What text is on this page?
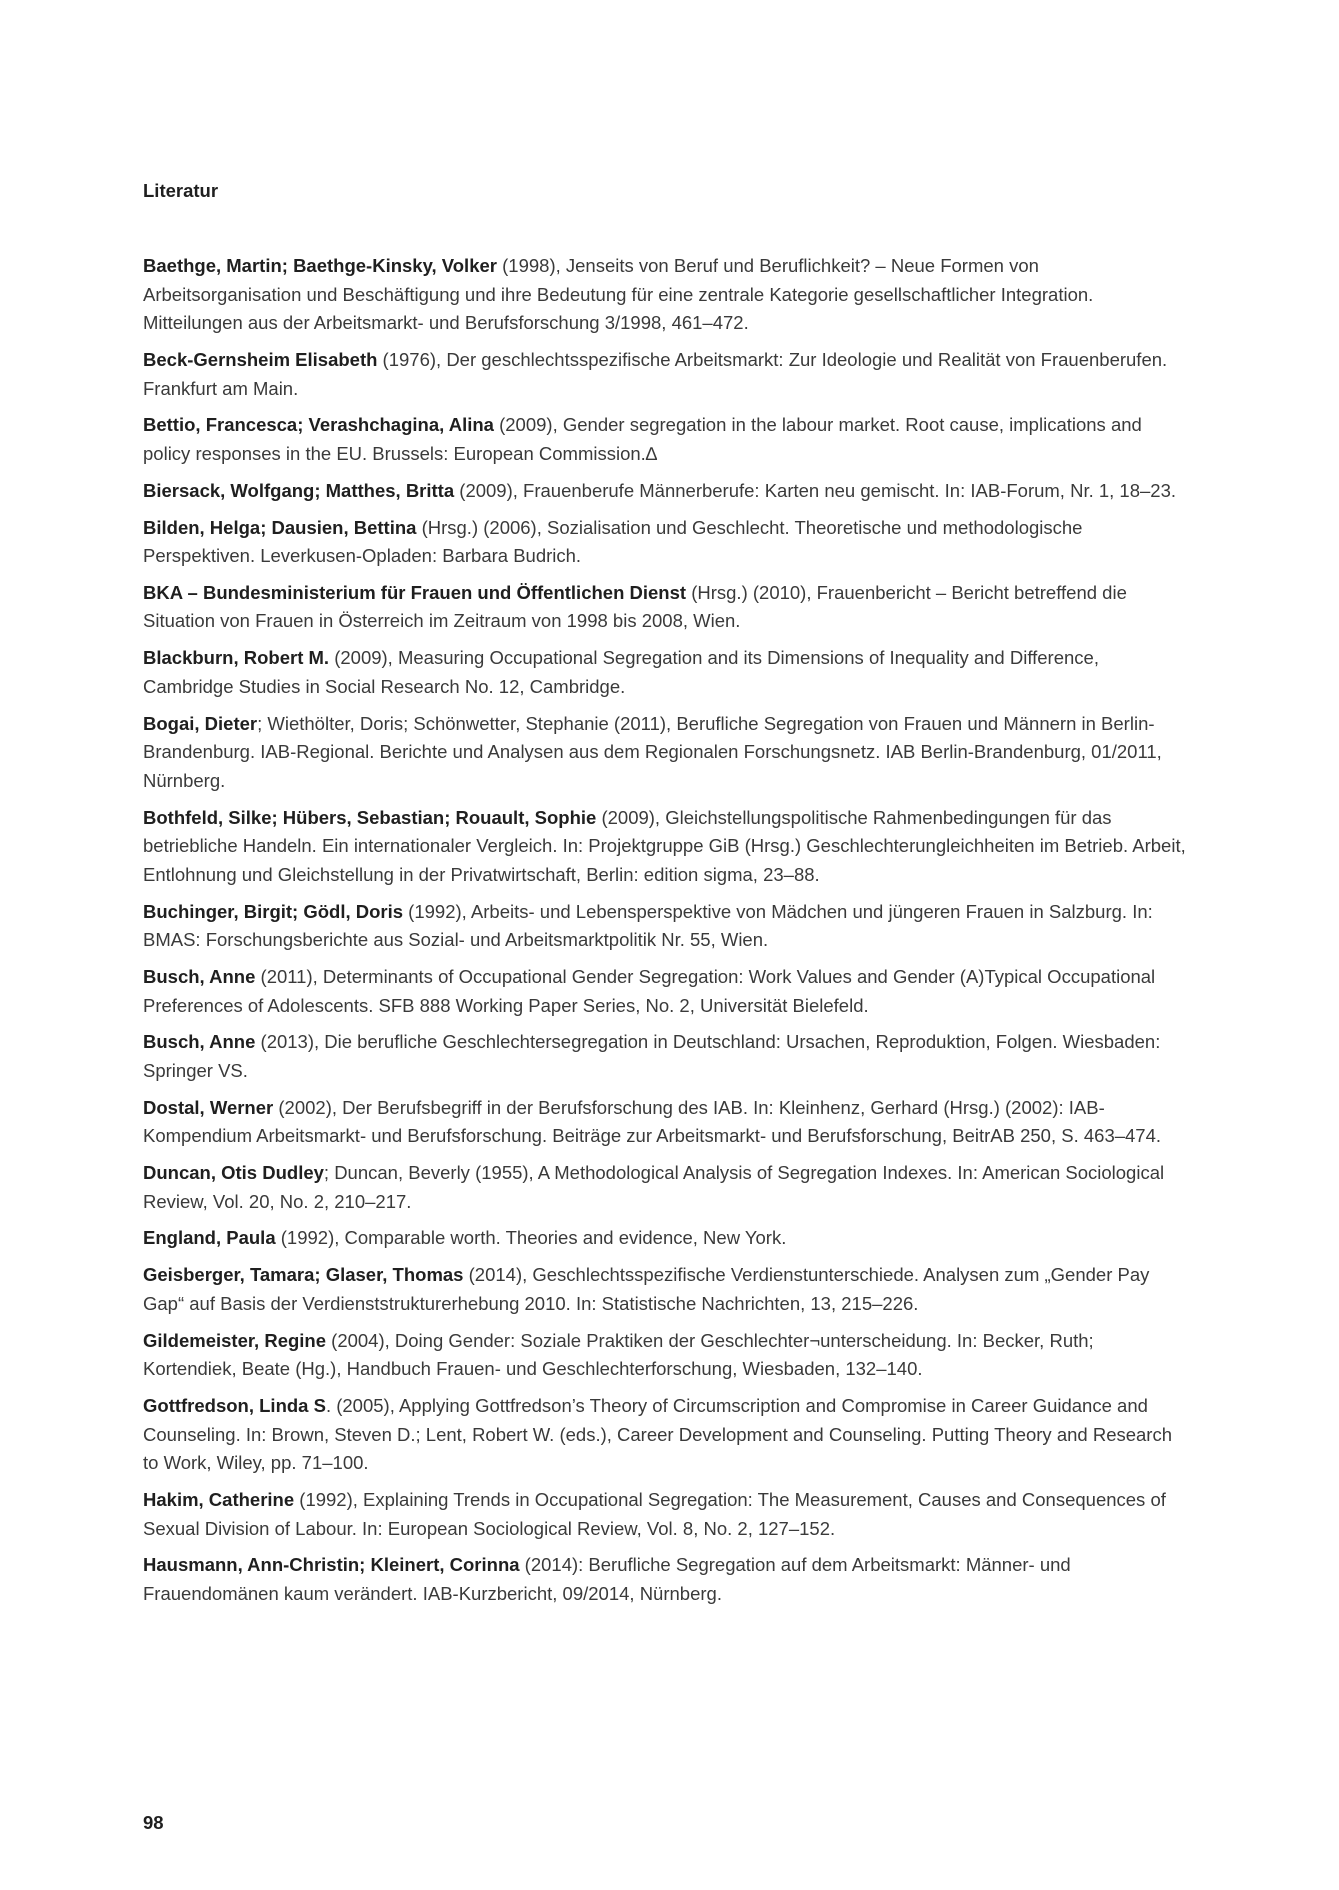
Literatur
Baethge, Martin; Baethge-Kinsky, Volker (1998), Jenseits von Beruf und Beruflichkeit? – Neue Formen von Arbeitsorganisation und Beschäftigung und ihre Bedeutung für eine zentrale Kategorie gesellschaftlicher Integration. Mitteilungen aus der Arbeitsmarkt- und Berufsforschung 3/1998, 461–472.
Beck-Gernsheim Elisabeth (1976), Der geschlechtsspezifische Arbeitsmarkt: Zur Ideologie und Realität von Frauenberufen. Frankfurt am Main.
Bettio, Francesca; Verashchagina, Alina (2009), Gender segregation in the labour market. Root cause, implications and policy responses in the EU. Brussels: European Commission.∆
Biersack, Wolfgang; Matthes, Britta (2009), Frauenberufe Männerberufe: Karten neu gemischt. In: IAB-Forum, Nr. 1, 18–23.
Bilden, Helga; Dausien, Bettina (Hrsg.) (2006), Sozialisation und Geschlecht. Theoretische und methodologische Perspektiven. Leverkusen-Opladen: Barbara Budrich.
BKA – Bundesministerium für Frauen und Öffentlichen Dienst (Hrsg.) (2010), Frauenbericht – Bericht betreffend die Situation von Frauen in Österreich im Zeitraum von 1998 bis 2008, Wien.
Blackburn, Robert M. (2009), Measuring Occupational Segregation and its Dimensions of Inequality and Difference, Cambridge Studies in Social Research No. 12, Cambridge.
Bogai, Dieter; Wiethölter, Doris; Schönwetter, Stephanie (2011), Berufliche Segregation von Frauen und Männern in Berlin-Brandenburg. IAB-Regional. Berichte und Analysen aus dem Regionalen Forschungsnetz. IAB Berlin-Brandenburg, 01/2011, Nürnberg.
Bothfeld, Silke; Hübers, Sebastian; Rouault, Sophie (2009), Gleichstellungspolitische Rahmenbedingungen für das betriebliche Handeln. Ein internationaler Vergleich. In: Projektgruppe GiB (Hrsg.) Geschlechterungleichheiten im Betrieb. Arbeit, Entlohnung und Gleichstellung in der Privatwirtschaft, Berlin: edition sigma, 23–88.
Buchinger, Birgit; Gödl, Doris (1992), Arbeits- und Lebensperspektive von Mädchen und jüngeren Frauen in Salzburg. In: BMAS: Forschungsberichte aus Sozial- und Arbeitsmarktpolitik Nr. 55, Wien.
Busch, Anne (2011), Determinants of Occupational Gender Segregation: Work Values and Gender (A)Typical Occupational Preferences of Adolescents. SFB 888 Working Paper Series, No. 2, Universität Bielefeld.
Busch, Anne (2013), Die berufliche Geschlechtersegregation in Deutschland: Ursachen, Reproduktion, Folgen. Wiesbaden: Springer VS.
Dostal, Werner (2002), Der Berufsbegriff in der Berufsforschung des IAB. In: Kleinhenz, Gerhard (Hrsg.) (2002): IAB-Kompendium Arbeitsmarkt- und Berufsforschung. Beiträge zur Arbeitsmarkt- und Berufsforschung, BeitrAB 250, S. 463–474.
Duncan, Otis Dudley; Duncan, Beverly (1955), A Methodological Analysis of Segregation Indexes. In: American Sociological Review, Vol. 20, No. 2, 210–217.
England, Paula (1992), Comparable worth. Theories and evidence, New York.
Geisberger, Tamara; Glaser, Thomas (2014), Geschlechtsspezifische Verdienstunterschiede. Analysen zum „Gender Pay Gap“ auf Basis der Verdienststrukturerhebung 2010. In: Statistische Nachrichten, 13, 215–226.
Gildemeister, Regine (2004), Doing Gender: Soziale Praktiken der Geschlechter¬unterscheidung. In: Becker, Ruth; Kortendiek, Beate (Hg.), Handbuch Frauen- und Geschlechterforschung, Wiesbaden, 132–140.
Gottfredson, Linda S. (2005), Applying Gottfredson’s Theory of Circumscription and Compromise in Career Guidance and Counseling. In: Brown, Steven D.; Lent, Robert W. (eds.), Career Development and Counseling. Putting Theory and Research to Work, Wiley, pp. 71–100.
Hakim, Catherine (1992), Explaining Trends in Occupational Segregation: The Measurement, Causes and Consequences of Sexual Division of Labour. In: European Sociological Review, Vol. 8, No. 2, 127–152.
Hausmann, Ann-Christin; Kleinert, Corinna (2014): Berufliche Segregation auf dem Arbeitsmarkt: Männer- und Frauendomänen kaum verändert. IAB-Kurzbericht, 09/2014, Nürnberg.
98
